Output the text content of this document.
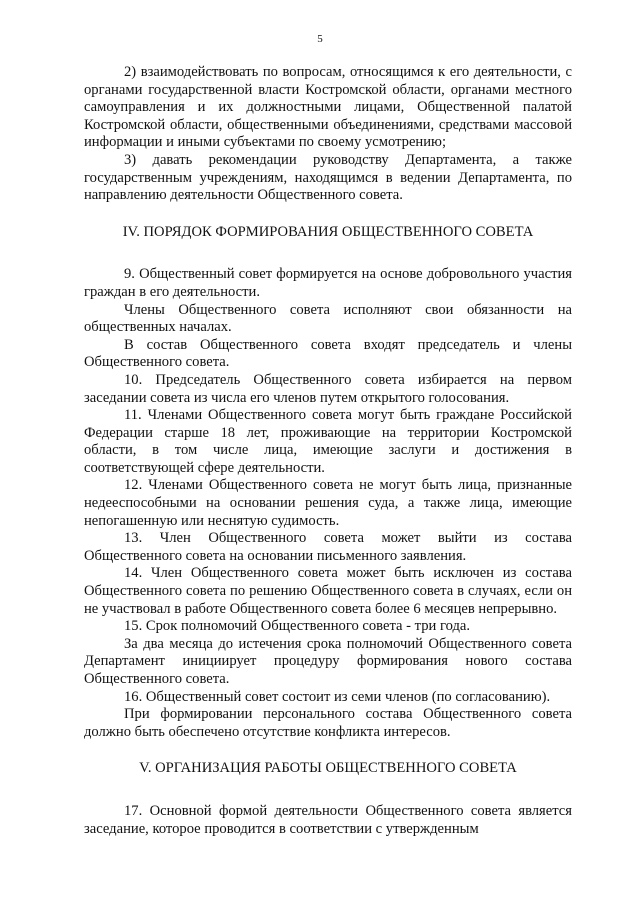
5

2) взаимодействовать по вопросам, относящимся к его деятельности, с органами государственной власти Костромской области, органами местного самоуправления и их должностными лицами, Общественной палатой Костромской области, общественными объединениями, средствами массовой информации и иными субъектами по своему усмотрению;

3) давать рекомендации руководству Департамента, а также государственным учреждениям, находящимся в ведении Департамента, по направлению деятельности Общественного совета.

IV. ПОРЯДОК ФОРМИРОВАНИЯ ОБЩЕСТВЕННОГО СОВЕТА

9. Общественный совет формируется на основе добровольного участия граждан в его деятельности.

Члены Общественного совета исполняют свои обязанности на общественных началах.

В состав Общественного совета входят председатель и члены Общественного совета.

10. Председатель Общественного совета избирается на первом заседании совета из числа его членов путем открытого голосования.

11. Членами Общественного совета могут быть граждане Российской Федерации старше 18 лет, проживающие на территории Костромской области, в том числе лица, имеющие заслуги и достижения в соответствующей сфере деятельности.

12. Членами Общественного совета не могут быть лица, признанные недееспособными на основании решения суда, а также лица, имеющие непогашенную или неснятую судимость.

13. Член Общественного совета может выйти из состава Общественного совета на основании письменного заявления.

14. Член Общественного совета может быть исключен из состава Общественного совета по решению Общественного совета в случаях, если он не участвовал в работе Общественного совета более 6 месяцев непрерывно.

15. Срок полномочий Общественного совета - три года.

За два месяца до истечения срока полномочий Общественного совета Департамент инициирует процедуру формирования нового состава Общественного совета.

16. Общественный совет состоит из семи членов (по согласованию).

При формировании персонального состава Общественного совета должно быть обеспечено отсутствие конфликта интересов.

V. ОРГАНИЗАЦИЯ РАБОТЫ ОБЩЕСТВЕННОГО СОВЕТА

17. Основной формой деятельности Общественного совета является заседание, которое проводится в соответствии с утвержденным
